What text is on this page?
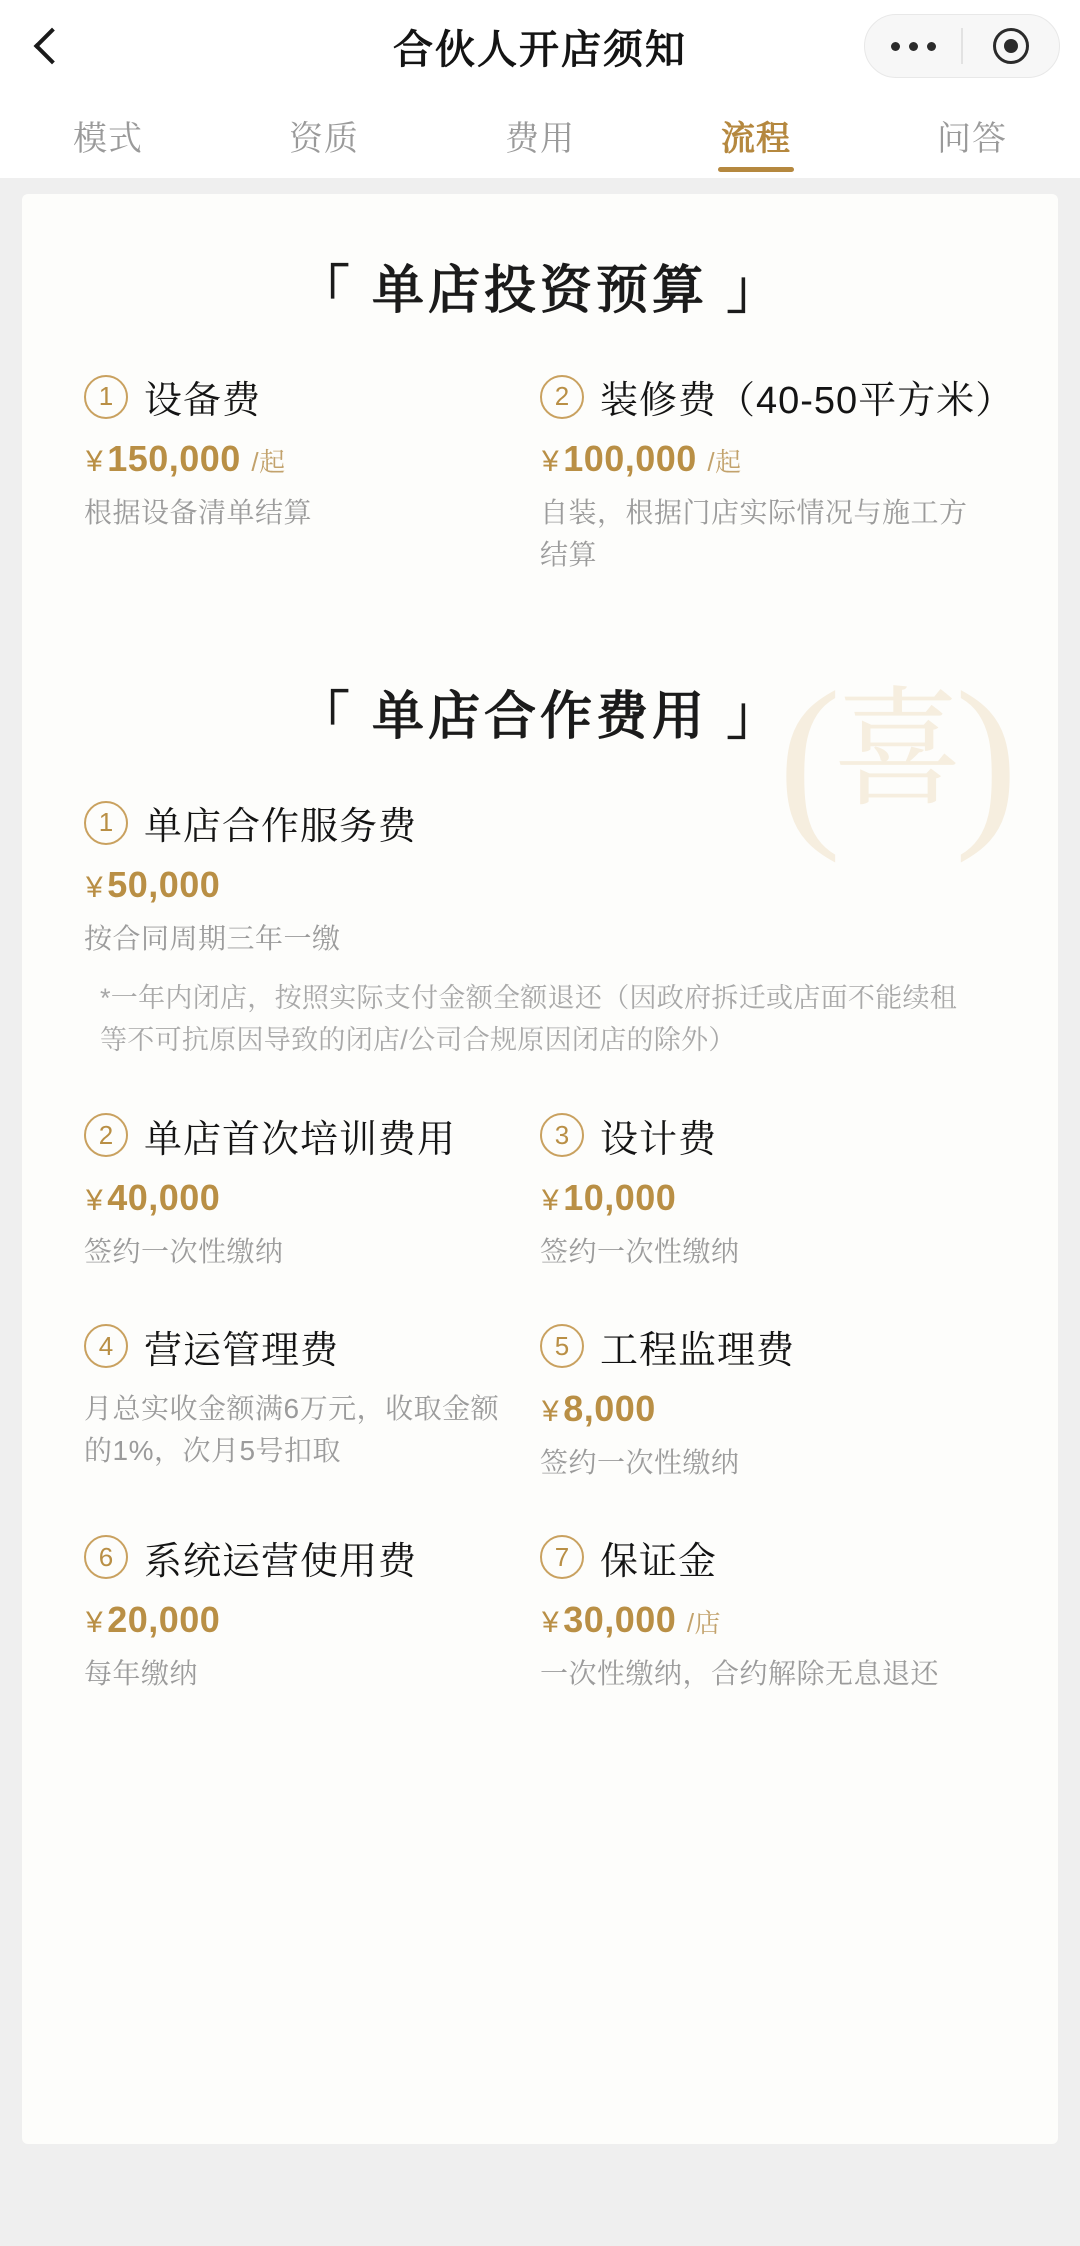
合伙人开店须知
模式	资质	费用	流程	问答
(
喜
)
「 单店投资预算 」
1 设备费
¥ 150,000 /起
根据设备清单结算
2 装修费（40-50平方米）
¥ 100,000 /起
自装，根据门店实际情况与施工方结算
「 单店合作费用 」
1 单店合作服务费
¥ 50,000
按合同周期三年一缴
*一年内闭店，按照实际支付金额全额退还（因政府拆迁或店面不能续租等不可抗原因导致的闭店/公司合规原因闭店的除外）
2 单店首次培训费用
¥ 40,000
签约一次性缴纳
3 设计费
¥ 10,000
签约一次性缴纳
4 营运管理费
月总实收金额满6万元，收取金额的1%，次月5号扣取
5 工程监理费
¥ 8,000
签约一次性缴纳
6 系统运营使用费
¥ 20,000
每年缴纳
7 保证金
¥ 30,000 /店
一次性缴纳，合约解除无息退还
